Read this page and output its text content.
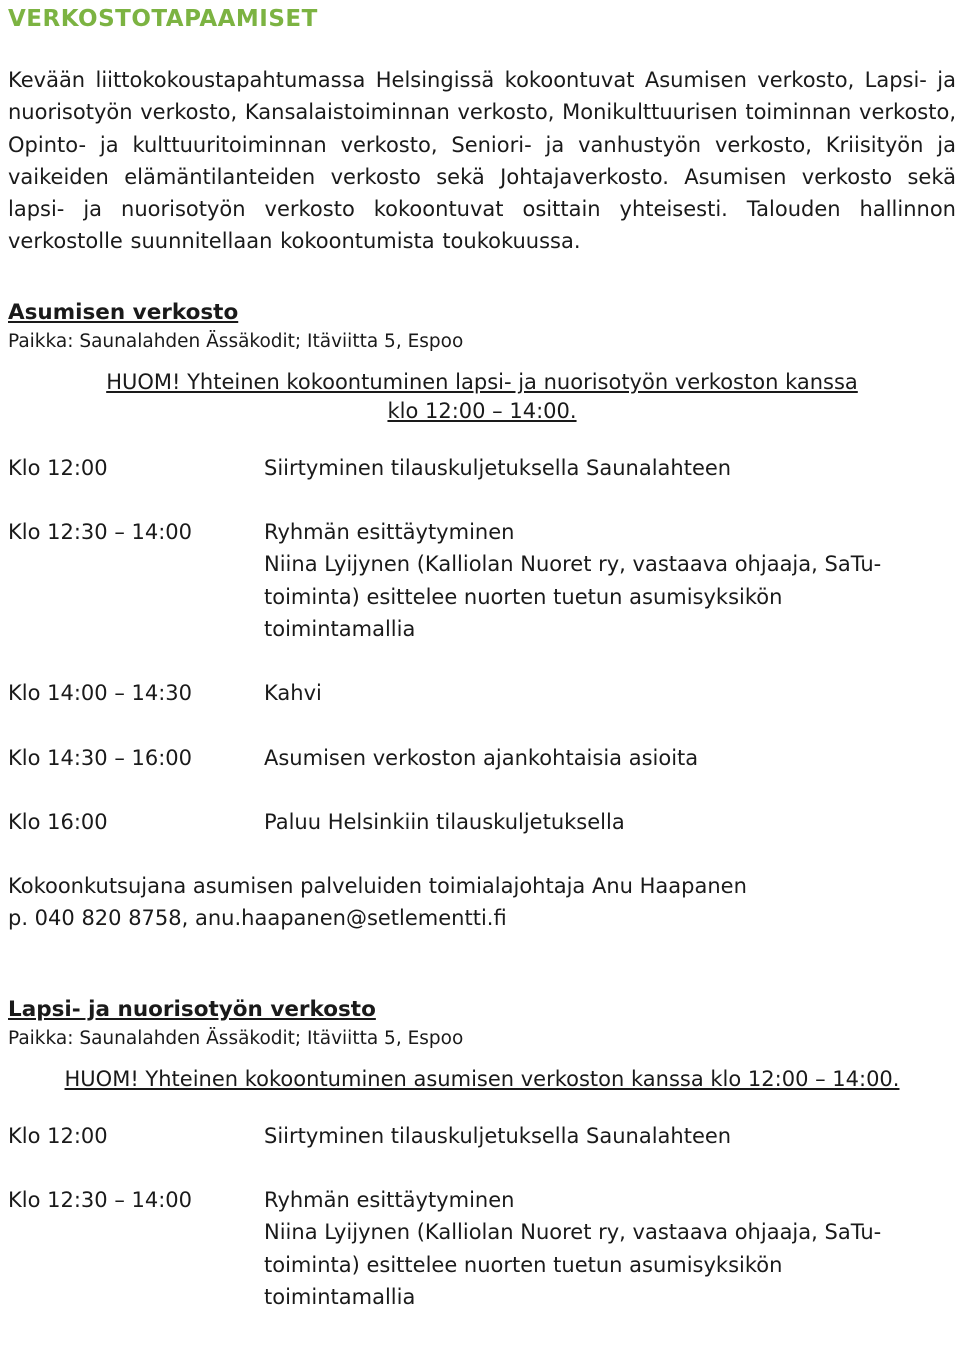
VERKOSTOTAPAAMISET

Kevään liittokokoustapahtumassa Helsingissä kokoontuvat Asumisen verkosto, Lapsi- ja nuorisotyön verkosto, Kansalaistoiminnan verkosto, Monikulttuurisen toiminnan verkosto, Opinto- ja kulttuuritoiminnan verkosto, Seniori- ja vanhustyön verkosto, Kriisityön ja vaikeiden elämäntilanteiden verkosto sekä Johtajaverkosto. Asumisen verkosto sekä lapsi- ja nuorisotyön verkosto kokoontuvat osittain yhteisesti. Talouden hallinnon verkostolle suunnitellaan kokoontumista toukokuussa.

Asumisen verkosto

Paikka: Saunalahden Ässäkodit; Itäviitta 5, Espoo

HUOM! Yhteinen kokoontuminen lapsi- ja nuorisotyön verkoston kanssa

klo 12:00 – 14:00.

Klo 12:00	Siirtyminen tilauskuljetuksella Saunalahteen
Klo 12:30 – 14:00	Ryhmän esittäytyminen
Niina Lyijynen (Kalliolan Nuoret ry, vastaava ohjaaja, SaTu-toiminta) esittelee nuorten tuetun asumisyksikön toimintamallia
Klo 14:00 – 14:30	Kahvi
Klo 14:30 – 16:00	Asumisen verkoston ajankohtaisia asioita
Klo 16:00	Paluu Helsinkiin tilauskuljetuksella

Kokoonkutsujana asumisen palveluiden toimialajohtaja Anu Haapanen

p. 040 820 8758, anu.haapanen@setlementti.fi

Lapsi- ja nuorisotyön verkosto

Paikka: Saunalahden Ässäkodit; Itäviitta 5, Espoo

HUOM! Yhteinen kokoontuminen asumisen verkoston kanssa klo 12:00 – 14:00.

Klo 12:00	Siirtyminen tilauskuljetuksella Saunalahteen
Klo 12:30 – 14:00	Ryhmän esittäytyminen
Niina Lyijynen (Kalliolan Nuoret ry, vastaava ohjaaja, SaTu-toiminta) esittelee nuorten tuetun asumisyksikön toimintamallia
